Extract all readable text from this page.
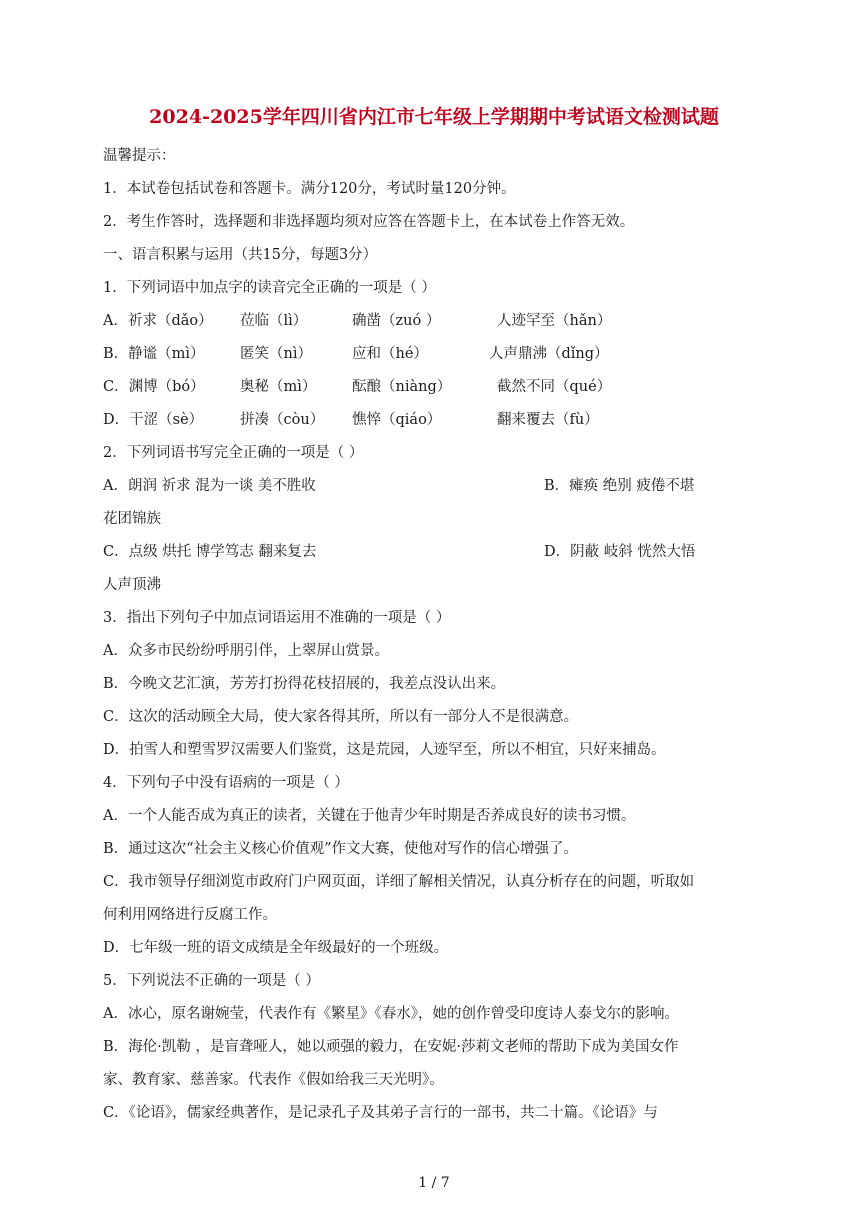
2024-2025学年四川省内江市七年级上学期期中考试语文检测试题
温馨提示：
1．本试卷包括试卷和答题卡。满分120分，考试时量120分钟。
2．考生作答时，选择题和非选择题均须对应答在答题卡上，在本试卷上作答无效。
一、语言积累与运用（共15分，每题3分）
1．下列词语中加点字的读音完全正确的一项是（ ）
A．祈求（dǎo） 莅临（lì）	确凿（zuó ）	人迹罕至（hǎn）
B．静谧（mì） 匿笑（nì）	应和（hé）	人声鼎沸（dǐng）
C．渊博（bó） 奥秘（mì） 酝酿（niàng）	截然不同（qué）
D．干涩（sè）	拼凑（còu） 憔悴（qiáo）	翻来覆去（fù）
2．下列词语书写完全正确的一项是（ ）
A．朗润 祈求 混为一谈 美不胜收	B．瘫痪 绝别 疲倦不堪
花团锦族
C．点级 烘托 博学笃志 翻来复去	D．阴蔽 岐斜 恍然大悟
人声顶沸
3．指出下列句子中加点词语运用不准确的一项是（ ）
A．众多市民纷纷呼朋引伴，上翠屏山赏景。
B．今晚文艺汇演，芳芳打扮得花枝招展的，我差点没认出来。
C．这次的活动顾全大局，使大家各得其所，所以有一部分人不是很满意。
D．拍雪人和塑雪罗汉需要人们鉴赏，这是荒园，人迹罕至，所以不相宜，只好来捕岛。
4．下列句子中没有语病的一项是（ ）
A．一个人能否成为真正的读者，关键在于他青少年时期是否养成良好的读书习惯。
B．通过这次“社会主义核心价值观”作文大赛，使他对写作的信心增强了。
C．我市领导仔细浏览市政府门户网页面，详细了解相关情况，认真分析存在的问题，听取如
何利用网络进行反腐工作。
D．七年级一班的语文成绩是全年级最好的一个班级。
5．下列说法不正确的一项是（ ）
A．冰心，原名谢婉莹，代表作有《繁星》《春水》，她的创作曾受印度诗人泰戈尔的影响。
B．海伦·凯勒 ，是盲聋哑人，她以顽强的毅力，在安妮·莎莉文老师的帮助下成为美国女作
家、教育家、慈善家。代表作《假如给我三天光明》。
C．《论语》，儒家经典著作，是记录孔子及其弟子言行的一部书，共二十篇。《论语》与
1 / 7
